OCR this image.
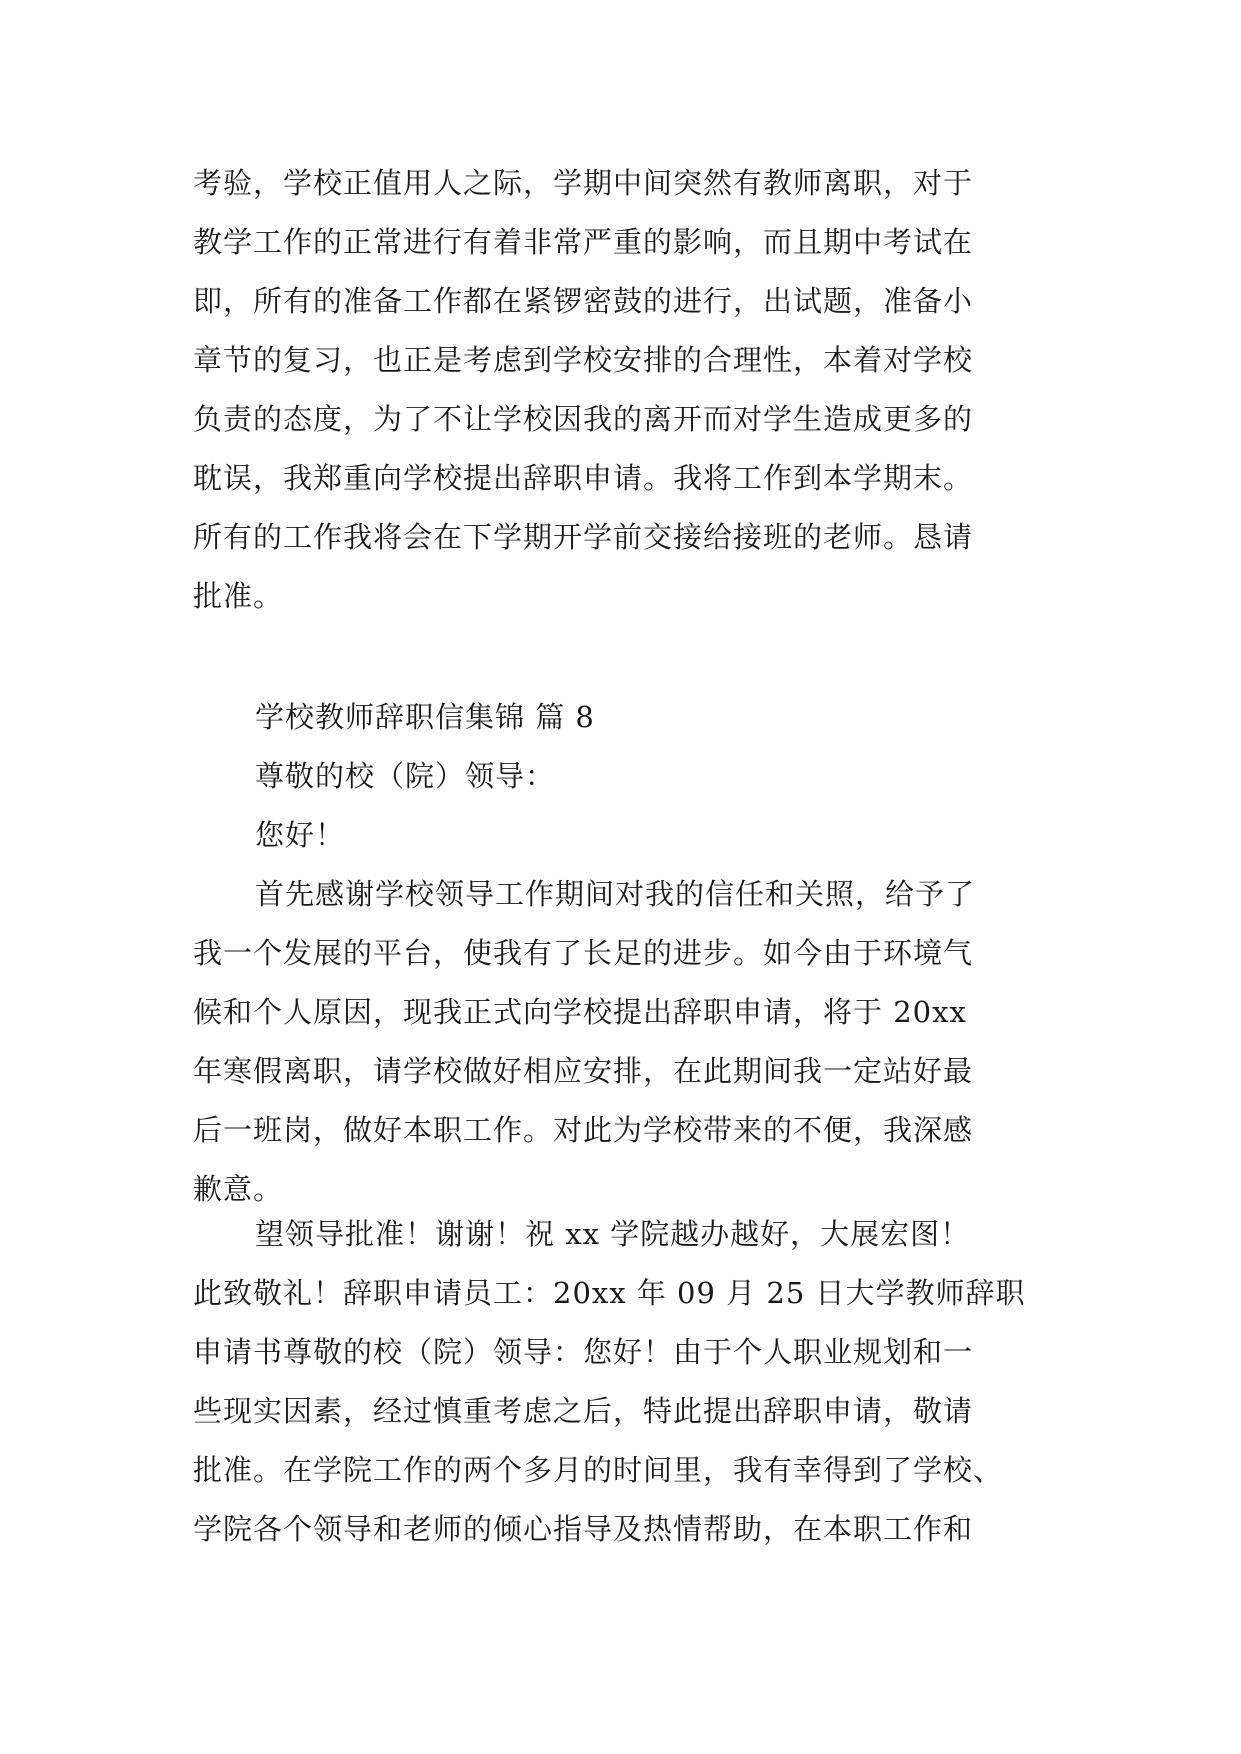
考验，学校正值用人之际，学期中间突然有教师离职，对于
教学工作的正常进行有着非常严重的影响，而且期中考试在
即，所有的准备工作都在紧锣密鼓的进行，出试题，准备小
章节的复习，也正是考虑到学校安排的合理性，本着对学校
负责的态度，为了不让学校因我的离开而对学生造成更多的
耽误，我郑重向学校提出辞职申请。我将工作到本学期末。
所有的工作我将会在下学期开学前交接给接班的老师。恳请
批准。
学校教师辞职信集锦 篇 8
尊敬的校（院）领导：
您好！
首先感谢学校领导工作期间对我的信任和关照，给予了
我一个发展的平台，使我有了长足的进步。如今由于环境气
候和个人原因，现我正式向学校提出辞职申请，将于 20xx
年寒假离职，请学校做好相应安排，在此期间我一定站好最
后一班岗，做好本职工作。对此为学校带来的不便，我深感
歉意。
望领导批准！谢谢！祝 xx 学院越办越好，大展宏图！
此致敬礼！辞职申请员工：20xx 年 09 月 25 日大学教师辞职
申请书尊敬的校（院）领导：您好！由于个人职业规划和一
些现实因素，经过慎重考虑之后，特此提出辞职申请，敬请
批准。在学院工作的两个多月的时间里，我有幸得到了学校、
学院各个领导和老师的倾心指导及热情帮助，在本职工作和
